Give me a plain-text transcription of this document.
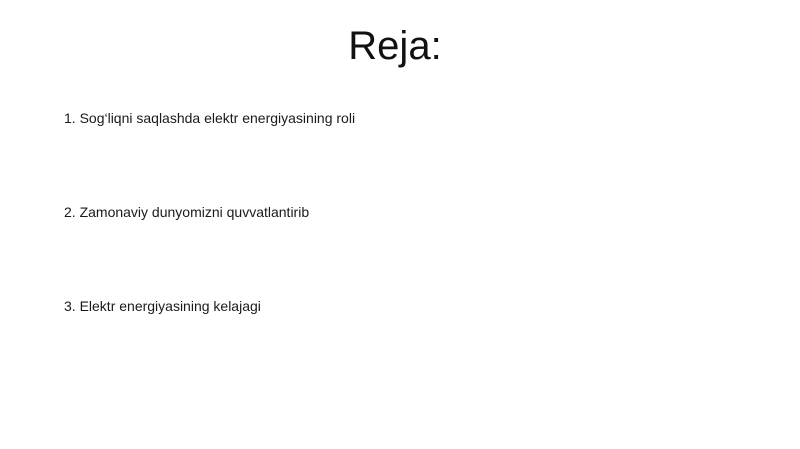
Reja:
1. Sog‘liqni saqlashda elektr energiyasining roli
2. Zamonaviy dunyomizni quvvatlantirib
3. Elektr energiyasining kelajagi
